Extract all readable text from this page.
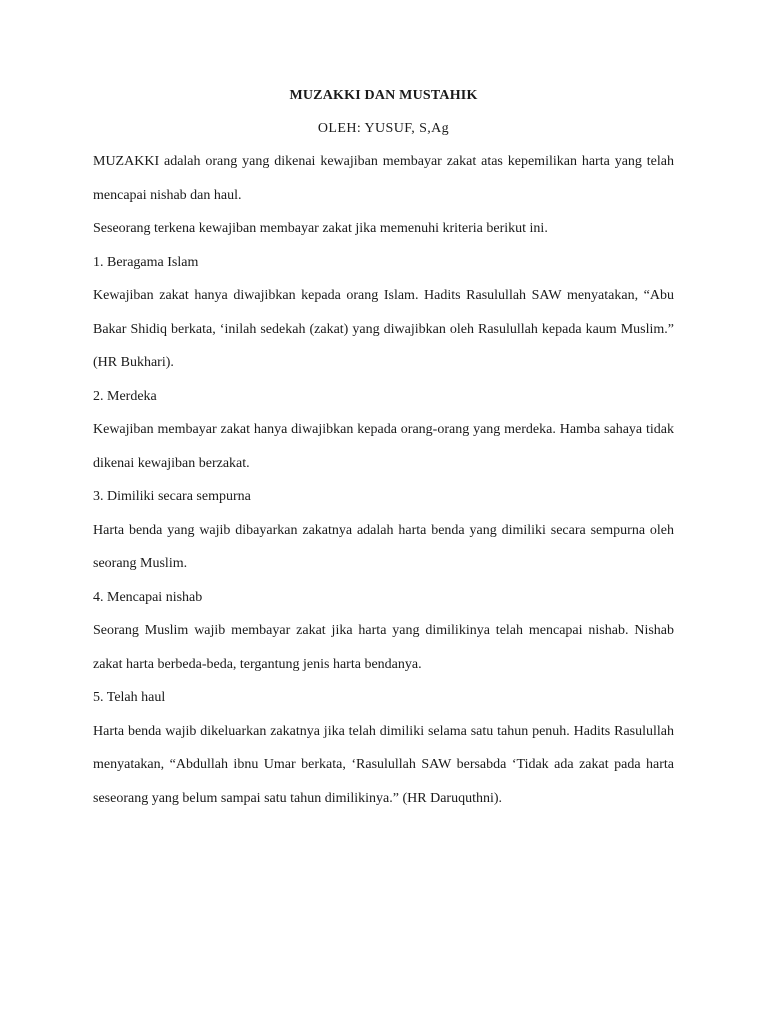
MUZAKKI DAN MUSTAHIK
OLEH: YUSUF, S,Ag

MUZAKKI adalah orang yang dikenai kewajiban membayar zakat atas kepemilikan harta yang telah mencapai nishab dan haul.

Seseorang terkena kewajiban membayar zakat jika memenuhi kriteria berikut ini.

1. Beragama Islam

Kewajiban zakat hanya diwajibkan kepada orang Islam. Hadits Rasulullah SAW menyatakan, “Abu Bakar Shidiq berkata, ‘inilah sedekah (zakat) yang diwajibkan oleh Rasulullah kepada kaum Muslim.” (HR Bukhari).

2. Merdeka

Kewajiban membayar zakat hanya diwajibkan kepada orang-orang yang merdeka. Hamba sahaya tidak dikenai kewajiban berzakat.

3. Dimiliki secara sempurna

Harta benda yang wajib dibayarkan zakatnya adalah harta benda yang dimiliki secara sempurna oleh seorang Muslim.

4. Mencapai nishab

Seorang Muslim wajib membayar zakat jika harta yang dimilikinya telah mencapai nishab. Nishab zakat harta berbeda-beda, tergantung jenis harta bendanya.

5. Telah haul

Harta benda wajib dikeluarkan zakatnya jika telah dimiliki selama satu tahun penuh. Hadits Rasulullah menyatakan, “Abdullah ibnu Umar berkata, ‘Rasulullah SAW bersabda ‘Tidak ada zakat pada harta seseorang yang belum sampai satu tahun dimilikinya.” (HR Daruquthni).
